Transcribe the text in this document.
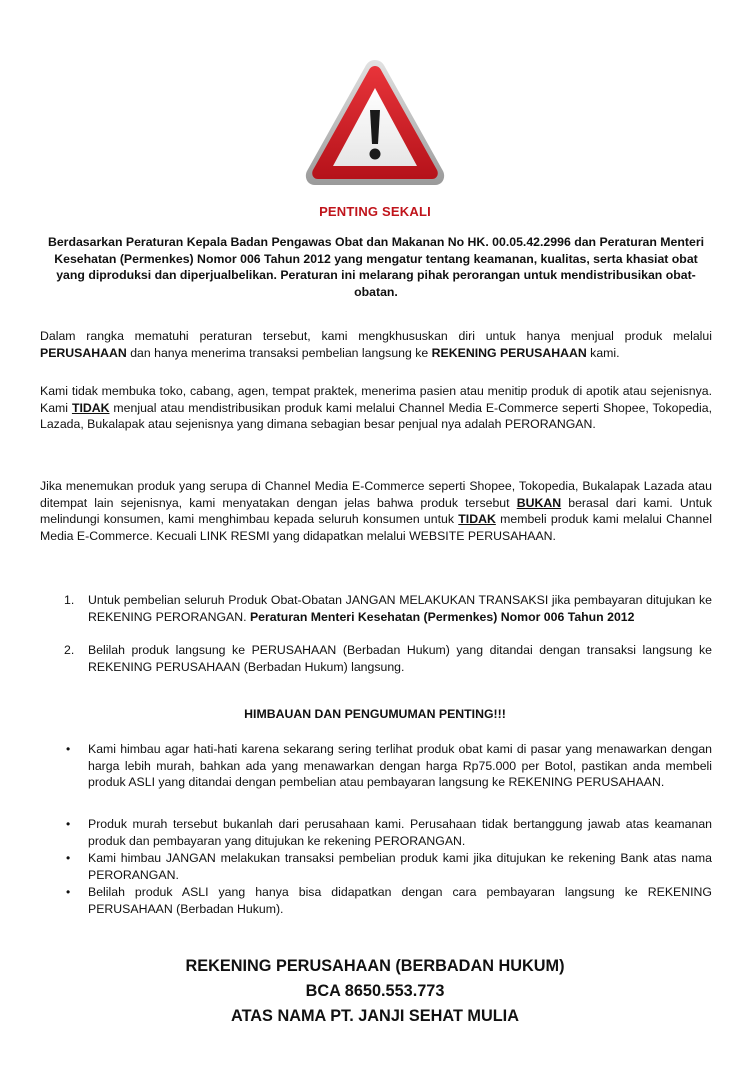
PENTING SEKALI
Berdasarkan Peraturan Kepala Badan Pengawas Obat dan Makanan No HK. 00.05.42.2996 dan Peraturan Menteri Kesehatan (Permenkes) Nomor 006 Tahun 2012 yang mengatur tentang keamanan, kualitas, serta khasiat obat yang diproduksi dan diperjualbelikan. Peraturan ini melarang pihak perorangan untuk mendistribusikan obat-obatan.
Dalam rangka mematuhi peraturan tersebut, kami mengkhususkan diri untuk hanya menjual produk melalui PERUSAHAAN dan hanya menerima transaksi pembelian langsung ke REKENING PERUSAHAAN kami.
Kami tidak membuka toko, cabang, agen, tempat praktek, menerima pasien atau menitip produk di apotik atau sejenisnya. Kami TIDAK menjual atau mendistribusikan produk kami melalui Channel Media E-Commerce seperti Shopee, Tokopedia, Lazada, Bukalapak atau sejenisnya yang dimana sebagian besar penjual nya adalah PERORANGAN.
Jika menemukan produk yang serupa di Channel Media E-Commerce seperti Shopee, Tokopedia, Bukalapak Lazada atau ditempat lain sejenisnya, kami menyatakan dengan jelas bahwa produk tersebut BUKAN berasal dari kami. Untuk melindungi konsumen, kami menghimbau kepada seluruh konsumen untuk TIDAK membeli produk kami melalui Channel Media E-Commerce. Kecuali LINK RESMI yang didapatkan melalui WEBSITE PERUSAHAAN.
1. Untuk pembelian seluruh Produk Obat-Obatan JANGAN MELAKUKAN TRANSAKSI jika pembayaran ditujukan ke REKENING PERORANGAN. Peraturan Menteri Kesehatan (Permenkes) Nomor 006 Tahun 2012
2. Belilah produk langsung ke PERUSAHAAN (Berbadan Hukum) yang ditandai dengan transaksi langsung ke REKENING PERUSAHAAN (Berbadan Hukum) langsung.
HIMBAUAN DAN PENGUMUMAN PENTING!!!
• Kami himbau agar hati-hati karena sekarang sering terlihat produk obat kami di pasar yang menawarkan dengan harga lebih murah, bahkan ada yang menawarkan dengan harga Rp75.000 per Botol, pastikan anda membeli produk ASLI yang ditandai dengan pembelian atau pembayaran langsung ke REKENING PERUSAHAAN.
• Produk murah tersebut bukanlah dari perusahaan kami. Perusahaan tidak bertanggung jawab atas keamanan produk dan pembayaran yang ditujukan ke rekening PERORANGAN.
• Kami himbau JANGAN melakukan transaksi pembelian produk kami jika ditujukan ke rekening Bank atas nama PERORANGAN.
• Belilah produk ASLI yang hanya bisa didapatkan dengan cara pembayaran langsung ke REKENING PERUSAHAAN (Berbadan Hukum).
REKENING PERUSAHAAN (BERBADAN HUKUM)
BCA 8650.553.773
ATAS NAMA PT. JANJI SEHAT MULIA
